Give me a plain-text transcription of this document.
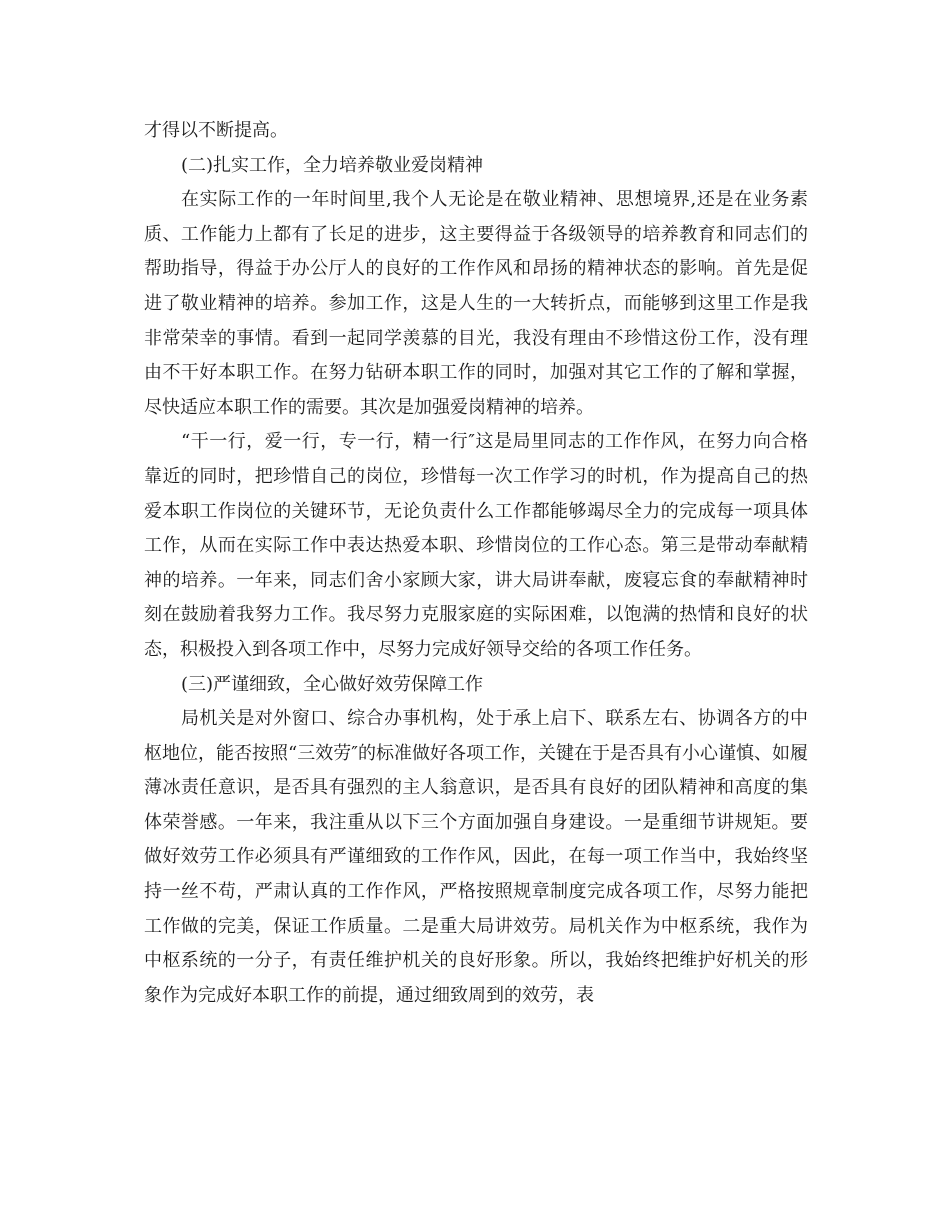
才得以不断提高。

(二)扎实工作，全力培养敬业爱岗精神

在实际工作的一年时间里,我个人无论是在敬业精神、思想境界,还是在业务素质、工作能力上都有了长足的进步，这主要得益于各级领导的培养教育和同志们的帮助指导，得益于办公厅人的良好的工作作风和昂扬的精神状态的影响。首先是促进了敬业精神的培养。参加工作，这是人生的一大转折点，而能够到这里工作是我非常荣幸的事情。看到一起同学羡慕的目光，我没有理由不珍惜这份工作，没有理由不干好本职工作。在努力钻研本职工作的同时，加强对其它工作的了解和掌握，尽快适应本职工作的需要。其次是加强爱岗精神的培养。

“干一行，爱一行，专一行，精一行″这是局里同志的工作作风，在努力向合格靠近的同时，把珍惜自己的岗位，珍惜每一次工作学习的时机，作为提高自己的热爱本职工作岗位的关键环节，无论负责什么工作都能够竭尽全力的完成每一项具体工作，从而在实际工作中表达热爱本职、珍惜岗位的工作心态。第三是带动奉献精神的培养。一年来，同志们舍小家顾大家，讲大局讲奉献，废寝忘食的奉献精神时刻在鼓励着我努力工作。我尽努力克服家庭的实际困难，以饱满的热情和良好的状态，积极投入到各项工作中，尽努力完成好领导交给的各项工作任务。

(三)严谨细致，全心做好效劳保障工作

局机关是对外窗口、综合办事机构，处于承上启下、联系左右、协调各方的中枢地位，能否按照“三效劳″的标准做好各项工作，关键在于是否具有小心谨慎、如履薄冰责任意识，是否具有强烈的主人翁意识，是否具有良好的团队精神和高度的集体荣誉感。一年来，我注重从以下三个方面加强自身建设。一是重细节讲规矩。要做好效劳工作必须具有严谨细致的工作作风，因此，在每一项工作当中，我始终坚持一丝不苟，严肃认真的工作作风，严格按照规章制度完成各项工作，尽努力能把工作做的完美，保证工作质量。二是重大局讲效劳。局机关作为中枢系统，我作为中枢系统的一分子，有责任维护机关的良好形象。所以，我始终把维护好机关的形象作为完成好本职工作的前提，通过细致周到的效劳，表
